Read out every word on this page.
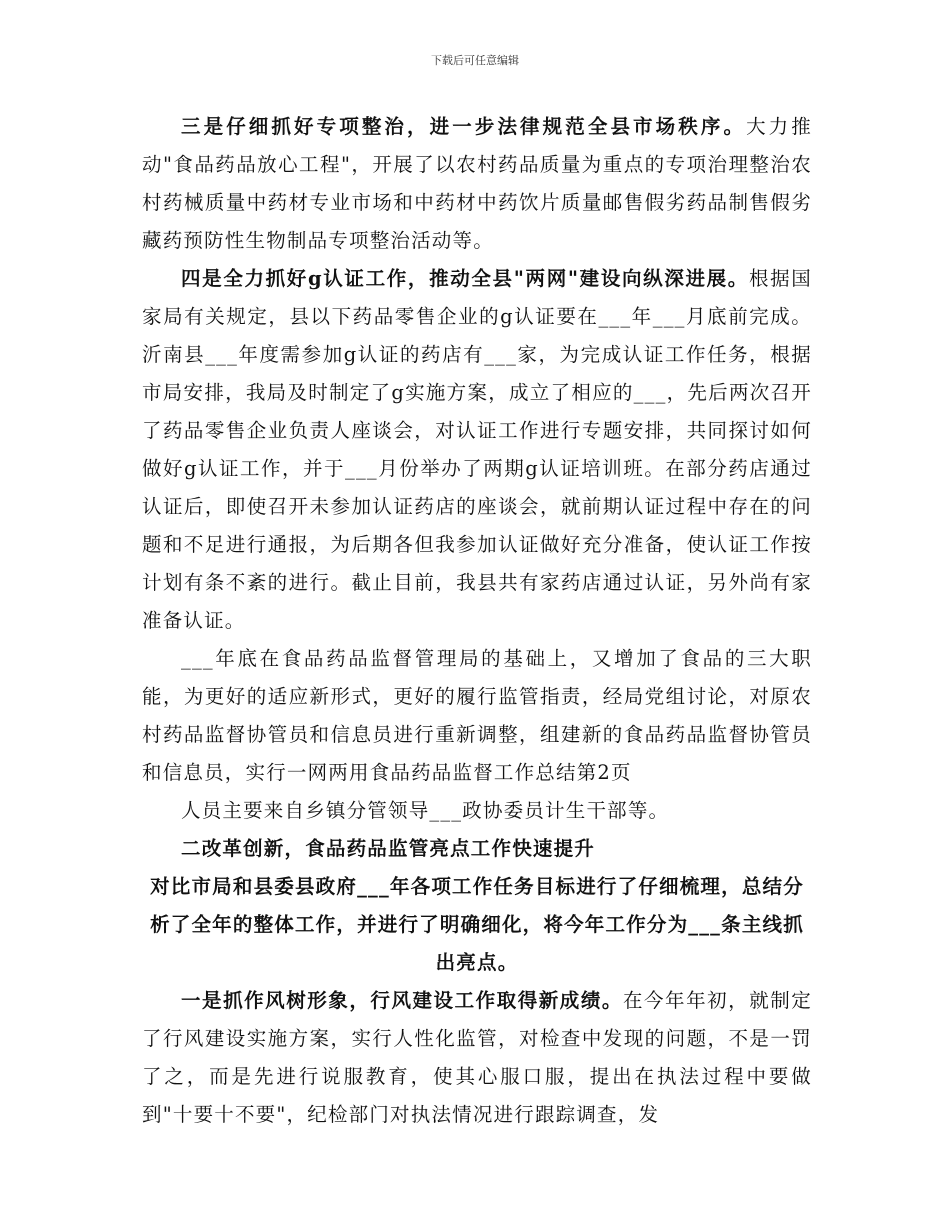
下载后可任意编辑

三是仔细抓好专项整治，进一步法律规范全县市场秩序。大力推动"食品药品放心工程"，开展了以农村药品质量为重点的专项治理整治农村药械质量中药材专业市场和中药材中药饮片质量邮售假劣药品制售假劣藏药预防性生物制品专项整治活动等。

四是全力抓好g认证工作，推动全县"两网"建设向纵深进展。根据国家局有关规定，县以下药品零售企业的g认证要在___年___月底前完成。沂南县___年度需参加g认证的药店有___家，为完成认证工作任务，根据市局安排，我局及时制定了g实施方案，成立了相应的___，先后两次召开了药品零售企业负责人座谈会，对认证工作进行专题安排，共同探讨如何做好g认证工作，并于___月份举办了两期g认证培训班。在部分药店通过认证后，即使召开未参加认证药店的座谈会，就前期认证过程中存在的问题和不足进行通报，为后期各但我参加认证做好充分准备，使认证工作按计划有条不紊的进行。截止目前，我县共有家药店通过认证，另外尚有家准备认证。

___年底在食品药品监督管理局的基础上，又增加了食品的三大职能，为更好的适应新形式，更好的履行监管指责，经局党组讨论，对原农村药品监督协管员和信息员进行重新调整，组建新的食品药品监督协管员和信息员，实行一网两用食品药品监督工作总结第2页

人员主要来自乡镇分管领导___政协委员计生干部等。

二改革创新，食品药品监管亮点工作快速提升

对比市局和县委县政府___年各项工作任务目标进行了仔细梳理，总结分析了全年的整体工作，并进行了明确细化，将今年工作分为___条主线抓出亮点。

一是抓作风树形象，行风建设工作取得新成绩。在今年年初，就制定了行风建设实施方案，实行人性化监管，对检查中发现的问题，不是一罚了之，而是先进行说服教育，使其心服口服，提出在执法过程中要做到"十要十不要"，纪检部门对执法情况进行跟踪调查，发
